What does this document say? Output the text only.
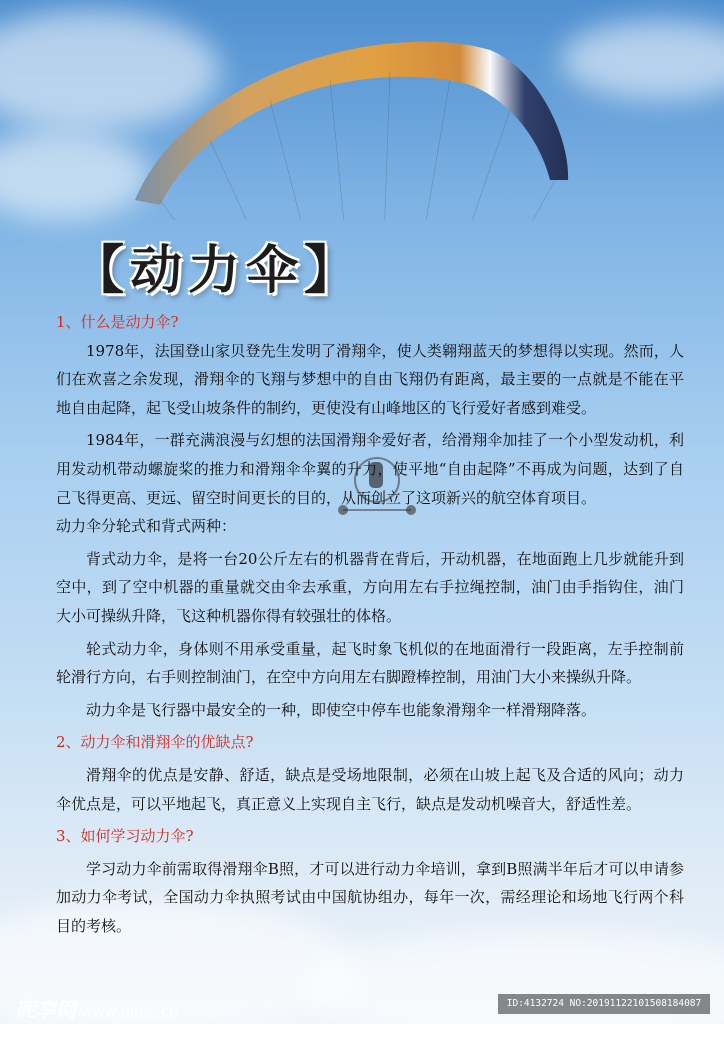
【动力伞】

1、什么是动力伞?

1978年，法国登山家贝登先生发明了滑翔伞，使人类翱翔蓝天的梦想得以实现。然而，人们在欢喜之余发现，滑翔伞的飞翔与梦想中的自由飞翔仍有距离，最主要的一点就是不能在平地自由起降，起飞受山坡条件的制约，更使没有山峰地区的飞行爱好者感到难受。

1984年，一群充满浪漫与幻想的法国滑翔伞爱好者，给滑翔伞加挂了一个小型发动机，利用发动机带动螺旋桨的推力和滑翔伞伞翼的升力，使平地“自由起降”不再成为问题，达到了自己飞得更高、更远、留空时间更长的目的，从而创立了这项新兴的航空体育项目。

动力伞分轮式和背式两种：

背式动力伞，是将一台20公斤左右的机器背在背后，开动机器，在地面跑上几步就能升到空中，到了空中机器的重量就交由伞去承重，方向用左右手拉绳控制，油门由手指钩住，油门大小可操纵升降，飞这种机器你得有较强壮的体格。

轮式动力伞，身体则不用承受重量，起飞时象飞机似的在地面滑行一段距离，左手控制前轮滑行方向，右手则控制油门，在空中方向用左右脚蹬棒控制，用油门大小来操纵升降。

动力伞是飞行器中最安全的一种，即使空中停车也能象滑翔伞一样滑翔降落。

2、动力伞和滑翔伞的优缺点?

滑翔伞的优点是安静、舒适，缺点是受场地限制，必须在山坡上起飞及合适的风向；动力伞优点是，可以平地起飞，真正意义上实现自主飞行，缺点是发动机噪音大，舒适性差。

3、如何学习动力伞?

学习动力伞前需取得滑翔伞B照，才可以进行动力伞培训，拿到B照满半年后才可以申请参加动力伞考试，全国动力伞执照考试由中国航协组办，每年一次，需经理论和场地飞行两个科目的考核。

昵享网 www.nipic.cn	ID:4132724 NO:20191122101508184087
